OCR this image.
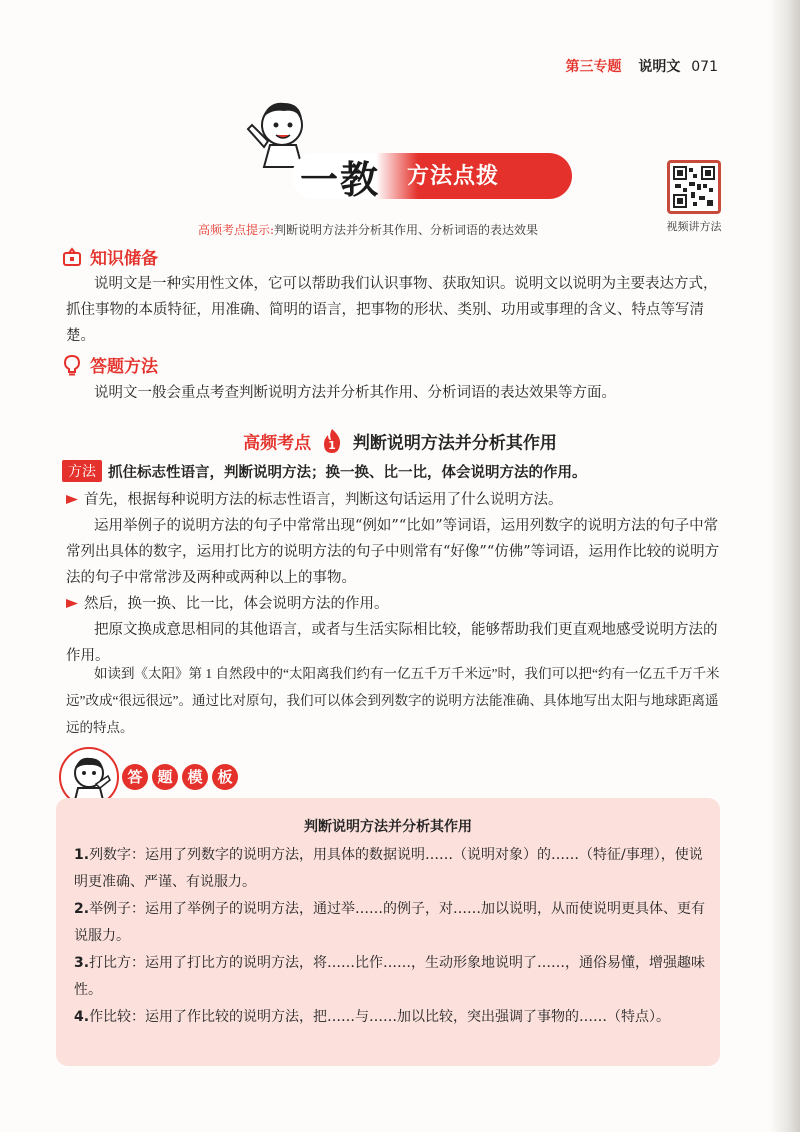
第三专题 说明文 071
一教 方法点拨
视频讲方法
高频考点提示:判断说明方法并分析其作用、分析词语的表达效果
知识储备
说明文是一种实用性文体，它可以帮助我们认识事物、获取知识。说明文以说明为主要表达方式，抓住事物的本质特征，用准确、简明的语言，把事物的形状、类别、功用或事理的含义、特点等写清楚。
答题方法
说明文一般会重点考查判断说明方法并分析其作用、分析词语的表达效果等方面。
高频考点 1 判断说明方法并分析其作用
方法 抓住标志性语言，判断说明方法；换一换、比一比，体会说明方法的作用。
首先，根据每种说明方法的标志性语言，判断这句话运用了什么说明方法。
运用举例子的说明方法的句子中常常出现“例如”“比如”等词语，运用列数字的说明方法的句子中常常列出具体的数字，运用打比方的说明方法的句子中则常有“好像”“仿佛”等词语，运用作比较的说明方法的句子中常常涉及两种或两种以上的事物。
然后，换一换、比一比，体会说明方法的作用。
把原文换成意思相同的其他语言，或者与生活实际相比较，能够帮助我们更直观地感受说明方法的作用。
如读到《太阳》第 1 自然段中的“太阳离我们约有一亿五千万千米远”时，我们可以把“约有一亿五千万千米远”改成“很远很远”。通过比对原句，我们可以体会到列数字的说明方法能准确、具体地写出太阳与地球距离遥远的特点。
答 题 模 板
判断说明方法并分析其作用
1.列数字：运用了列数字的说明方法，用具体的数据说明……（说明对象）的……（特征/事理），使说明更准确、严谨、有说服力。
2.举例子：运用了举例子的说明方法，通过举……的例子，对……加以说明，从而使说明更具体、更有说服力。
3.打比方：运用了打比方的说明方法，将……比作……，生动形象地说明了……，通俗易懂，增强趣味性。
4.作比较：运用了作比较的说明方法，把……与……加以比较，突出强调了事物的……（特点）。
